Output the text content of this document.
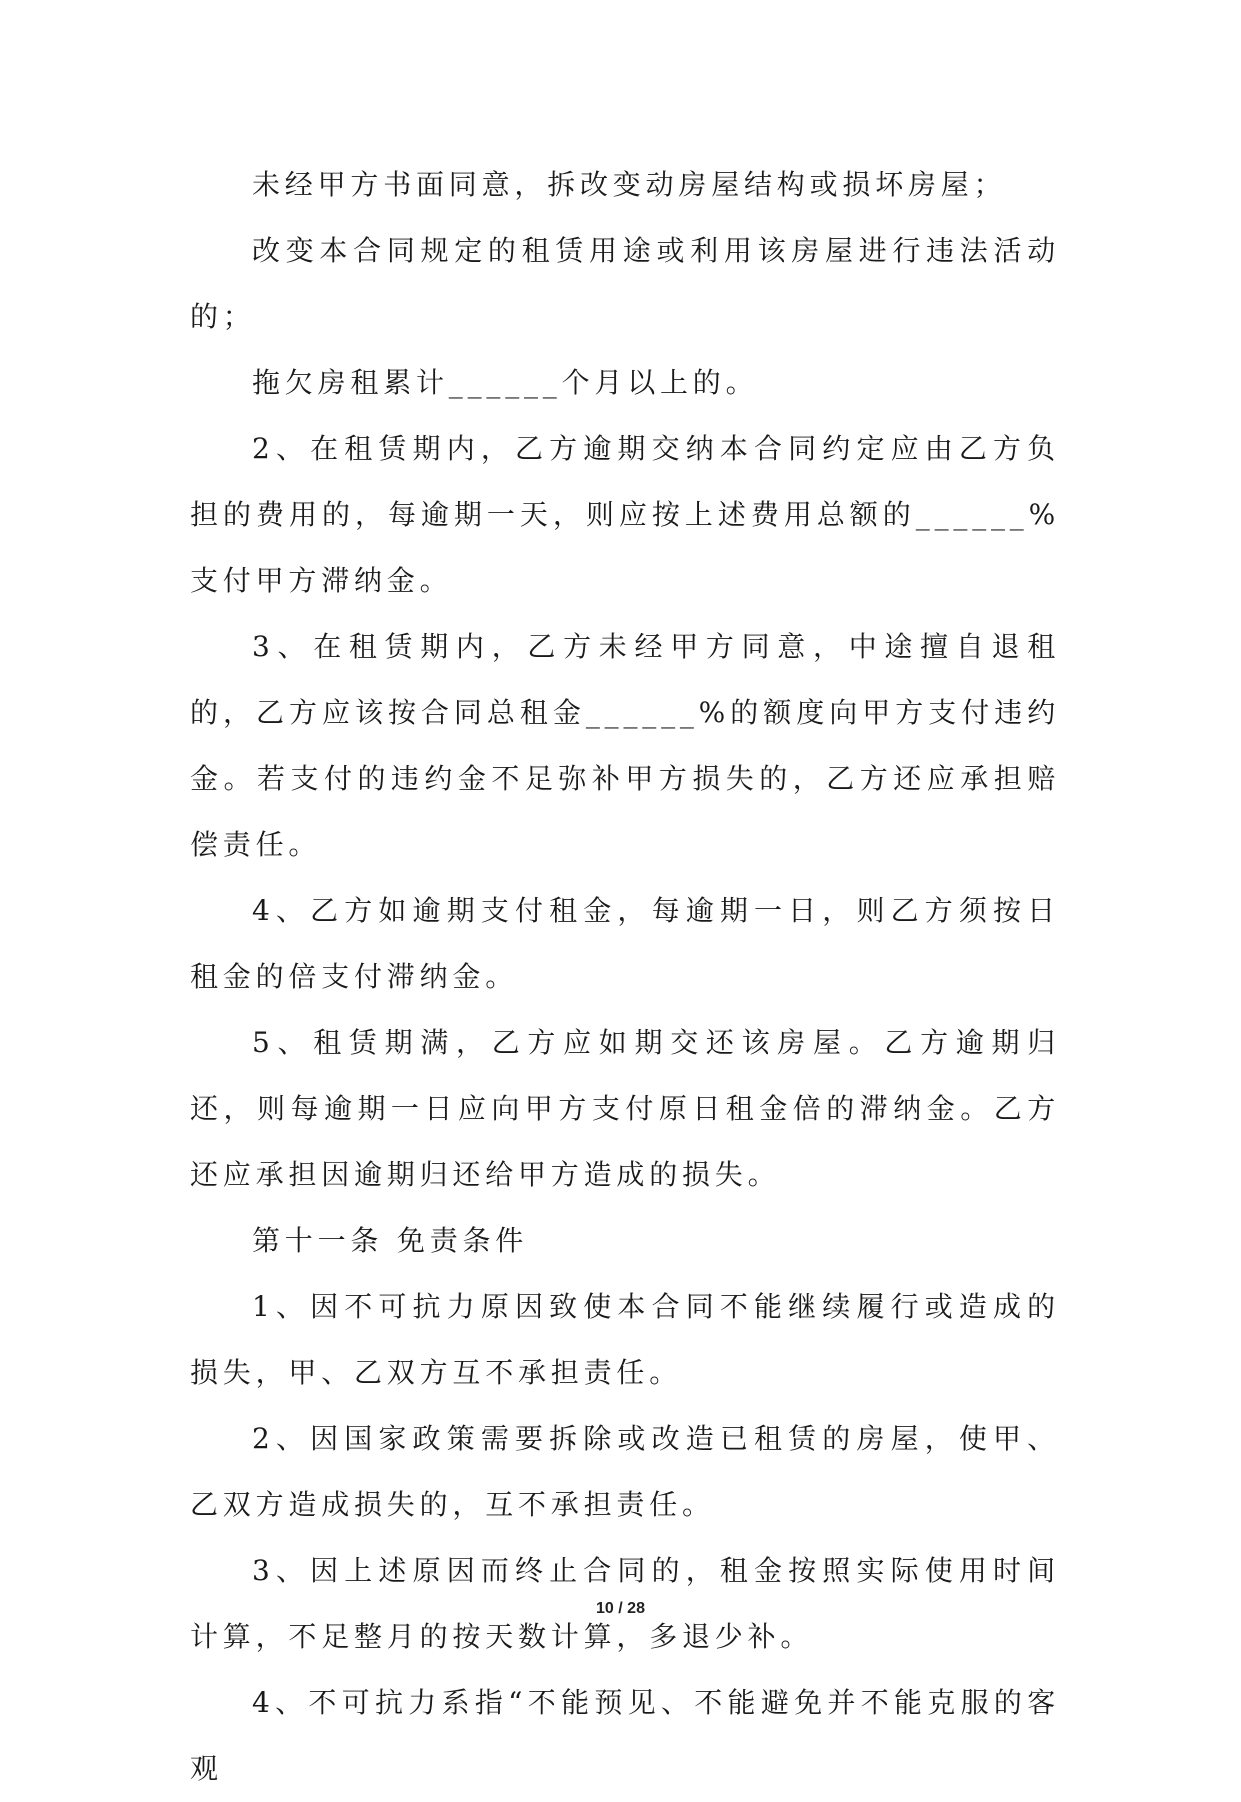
未经甲方书面同意，拆改变动房屋结构或损坏房屋；

改变本合同规定的租赁用途或利用该房屋进行违法活动的；

拖欠房租累计______个月以上的。

2、在租赁期内，乙方逾期交纳本合同约定应由乙方负担的费用的，每逾期一天，则应按上述费用总额的______%支付甲方滞纳金。

3、在租赁期内，乙方未经甲方同意，中途擅自退租的，乙方应该按合同总租金______%的额度向甲方支付违约金。若支付的违约金不足弥补甲方损失的，乙方还应承担赔偿责任。

4、乙方如逾期支付租金，每逾期一日，则乙方须按日租金的倍支付滞纳金。

5、租赁期满，乙方应如期交还该房屋。乙方逾期归还，则每逾期一日应向甲方支付原日租金倍的滞纳金。乙方还应承担因逾期归还给甲方造成的损失。

第十一条 免责条件

1、因不可抗力原因致使本合同不能继续履行或造成的损失，甲、乙双方互不承担责任。

2、因国家政策需要拆除或改造已租赁的房屋，使甲、乙双方造成损失的，互不承担责任。

3、因上述原因而终止合同的，租金按照实际使用时间计算，不足整月的按天数计算，多退少补。

4、不可抗力系指“不能预见、不能避免并不能克服的客观

10 / 28
